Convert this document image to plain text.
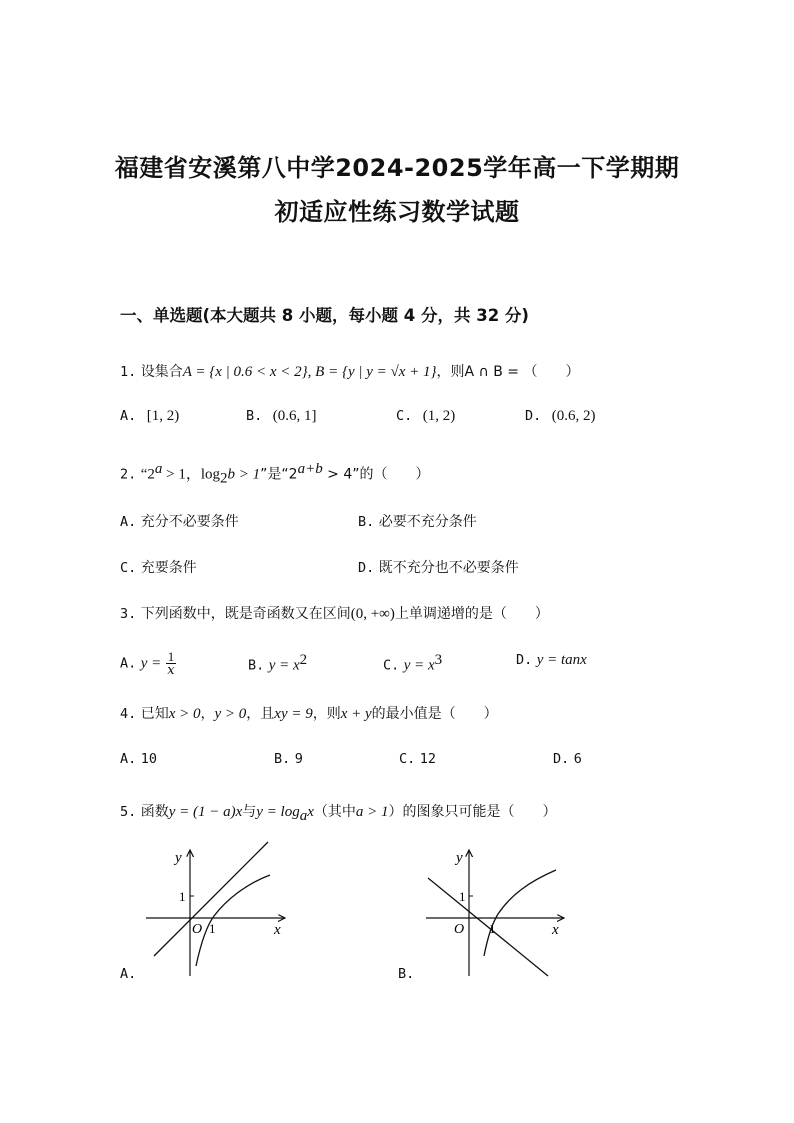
福建省安溪第八中学2024-2025学年高一下学期期
初适应性练习数学试题
一、单选题(本大题共 8 小题，每小题 4 分，共 32 分)
1. 设集合A = {x | 0.6 < x < 2}, B = {y | y = √x + 1}，则A ∩ B = （　　）
A. [1, 2)	B. (0.6, 1]	C. (1, 2)	D. (0.6, 2)
2. “$2^a > 1$，$\log_2b > 1$”是“$2^{a+b} > 4$”的（　　）
A. 充分不必要条件	B. 必要不充分条件
C. 充要条件	D. 既不充分也不必要条件
3. 下列函数中，既是奇函数又在区间(0, +∞)上单调递增的是（　　）
A. $y = \frac{1}{x}$	B. $y = x^2$	C. $y = x^3$	D. y = tanx
4. 已知x > 0，y > 0，且xy = 9，则x + y的最小值是（　　）
A. 10	B. 9	C. 12	D. 6
5. 函数y = (1 − a)x与$y = \log_ax$（其中a > 1）的图象只可能是（　　）
y
x
O
1
1
A.
y
x
O
1
1
B.
